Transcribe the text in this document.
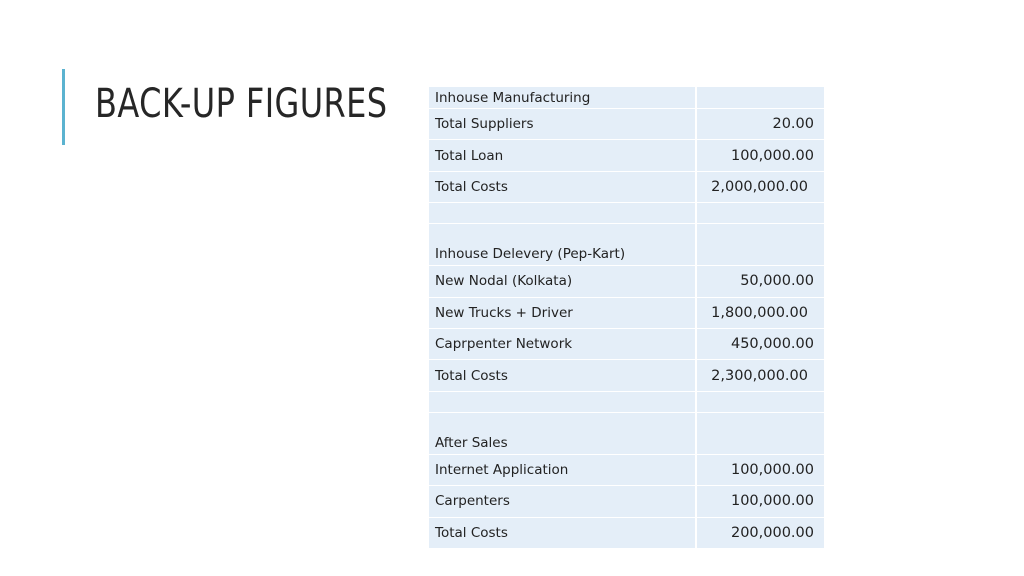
BACK-UP FIGURES	Inhouse Manufacturing
Total Suppliers	20.00
Total Loan	100,000.00
Total Costs	2,000,000.00
Inhouse Delevery (Pep-Kart)
New Nodal (Kolkata)	50,000.00
New Trucks + Driver	1,800,000.00
Caprpenter Network	450,000.00
Total Costs	2,300,000.00
After Sales
Internet Application	100,000.00
Carpenters	100,000.00
Total Costs	200,000.00
